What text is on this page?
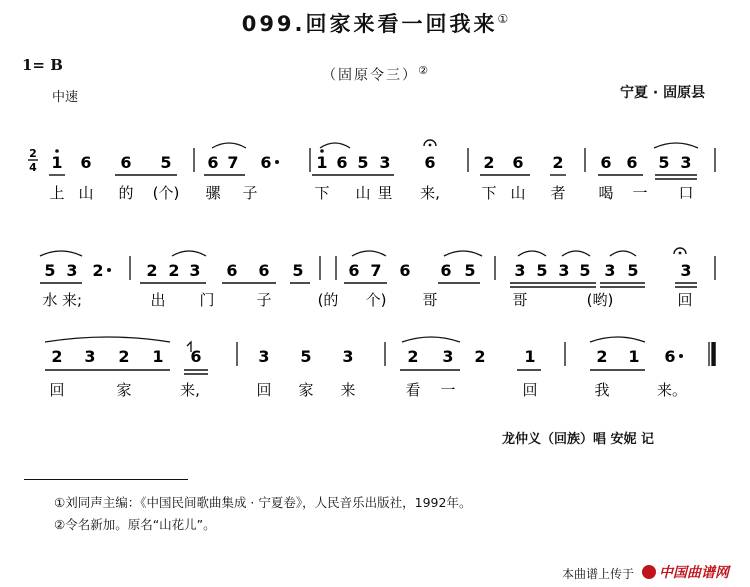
099.回家来看一回我来①
1= B
（固原令三）②
中速	宁夏 · 固原县
2
4 1 6 6 5 6 7 6	1 6 5 3 6	2 6 2 6 6 5 3
5 3 2	2 2 3 6 6 5	6 7 6 6 5 3 5 3 5 3 5	3
2 3 2 1 6	3 5 3	2 3 2 1	2 1 6
上 山 的 (个) 骡 子	下 山 里 来,	下 山 者 喝 一 口
水 来;	出 门	子	(的 个) 哥	哥	(哟)	回
回	家	来,	回 家 来	看 一	回	我	来。
龙仲义（回族）唱 安妮 记
①刘同声主编：《中国民间歌曲集成 · 宁夏卷》，人民音乐出版社，1992年。
②令名新加。原名“山花儿”。
本曲谱上传于	中国曲谱网
